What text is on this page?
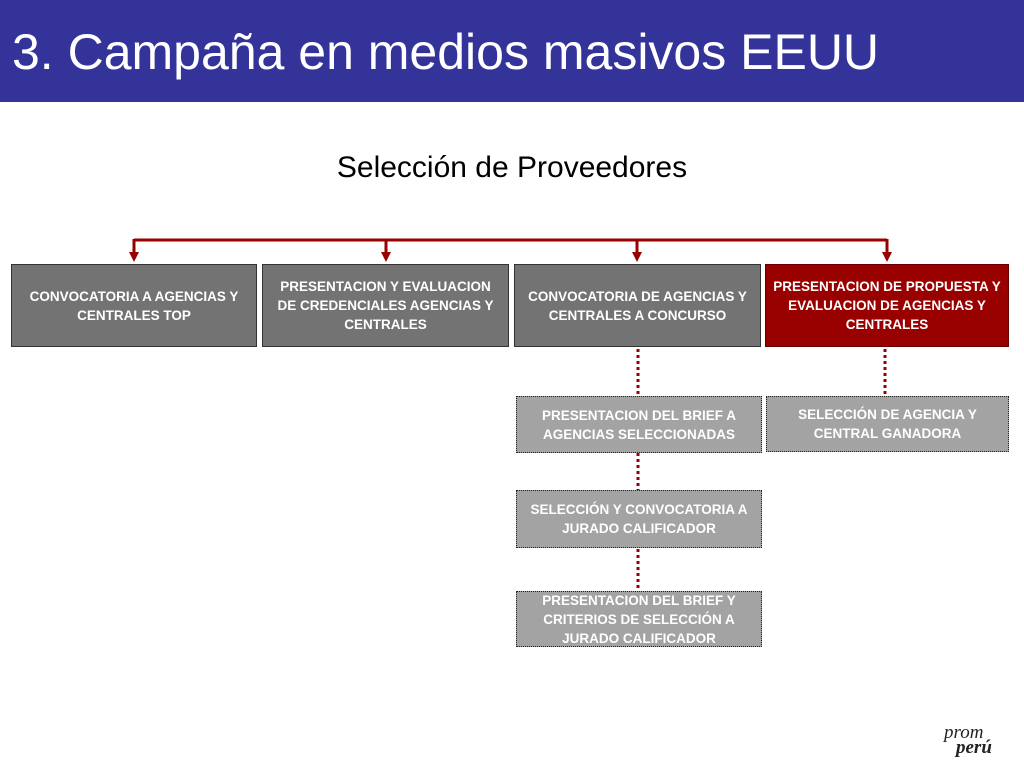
3. Campaña en medios masivos EEUU
Selección de Proveedores
CONVOCATORIA A AGENCIAS Y CENTRALES TOP
PRESENTACION Y EVALUACION DE CREDENCIALES AGENCIAS Y CENTRALES
CONVOCATORIA DE AGENCIAS Y CENTRALES A CONCURSO
PRESENTACION DE PROPUESTA Y EVALUACION DE AGENCIAS Y CENTRALES
PRESENTACION DEL BRIEF A AGENCIAS SELECCIONADAS
SELECCIÓN Y CONVOCATORIA A JURADO CALIFICADOR
PRESENTACION DEL BRIEF Y CRITERIOS DE SELECCIÓN A JURADO CALIFICADOR
SELECCIÓN DE AGENCIA Y CENTRAL GANADORA
prom
perú
